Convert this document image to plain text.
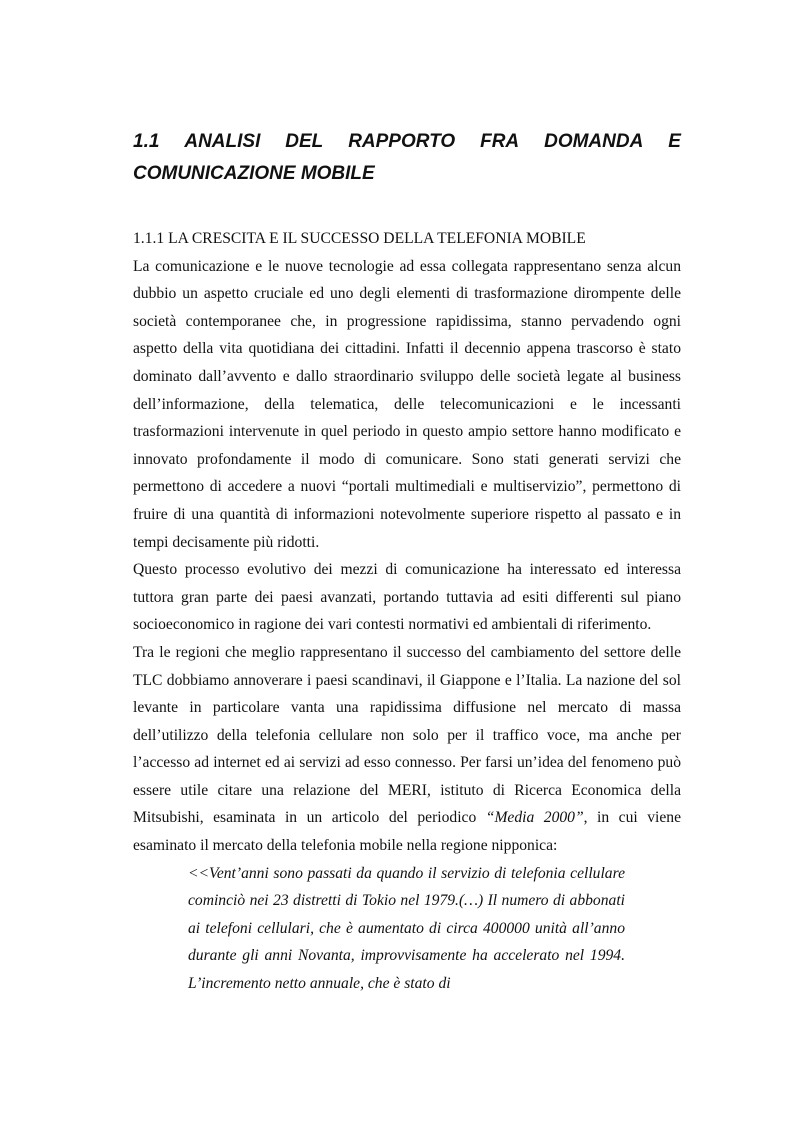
1.1 ANALISI DEL RAPPORTO FRA DOMANDA E
COMUNICAZIONE MOBILE
1.1.1 LA CRESCITA E IL SUCCESSO DELLA TELEFONIA MOBILE

La comunicazione e le nuove tecnologie ad essa collegata rappresentano senza alcun dubbio un aspetto cruciale ed uno degli elementi di trasformazione dirompente delle società contemporanee che, in progressione rapidissima, stanno pervadendo ogni aspetto della vita quotidiana dei cittadini. Infatti il decennio appena trascorso è stato dominato dall’avvento e dallo straordinario sviluppo delle società legate al business dell’informazione, della telematica, delle telecomunicazioni e le incessanti trasformazioni intervenute in quel periodo in questo ampio settore hanno modificato e innovato profondamente il modo di comunicare. Sono stati generati servizi che permettono di accedere a nuovi “portali multimediali e multiservizio”, permettono di fruire di una quantità di informazioni notevolmente superiore rispetto al passato e in tempi decisamente più ridotti.

Questo processo evolutivo dei mezzi di comunicazione ha interessato ed interessa tuttora gran parte dei paesi avanzati, portando tuttavia ad esiti differenti sul piano socioeconomico in ragione dei vari contesti normativi ed ambientali di riferimento.

Tra le regioni che meglio rappresentano il successo del cambiamento del settore delle TLC dobbiamo annoverare i paesi scandinavi, il Giappone e l’Italia. La nazione del sol levante in particolare vanta una rapidissima diffusione nel mercato di massa dell’utilizzo della telefonia cellulare non solo per il traffico voce, ma anche per l’accesso ad internet ed ai servizi ad esso connesso. Per farsi un’idea del fenomeno può essere utile citare una relazione del MERI, istituto di Ricerca Economica della Mitsubishi, esaminata in un articolo del periodico “Media 2000”, in cui viene esaminato il mercato della telefonia mobile nella regione nipponica:

<<Vent’anni sono passati da quando il servizio di telefonia cellulare cominciò nei 23 distretti di Tokio nel 1979.(…) Il numero di abbonati ai telefoni cellulari, che è aumentato di circa 400000 unità all’anno durante gli anni Novanta, improvvisamente ha accelerato nel 1994. L’incremento netto annuale, che è stato di
